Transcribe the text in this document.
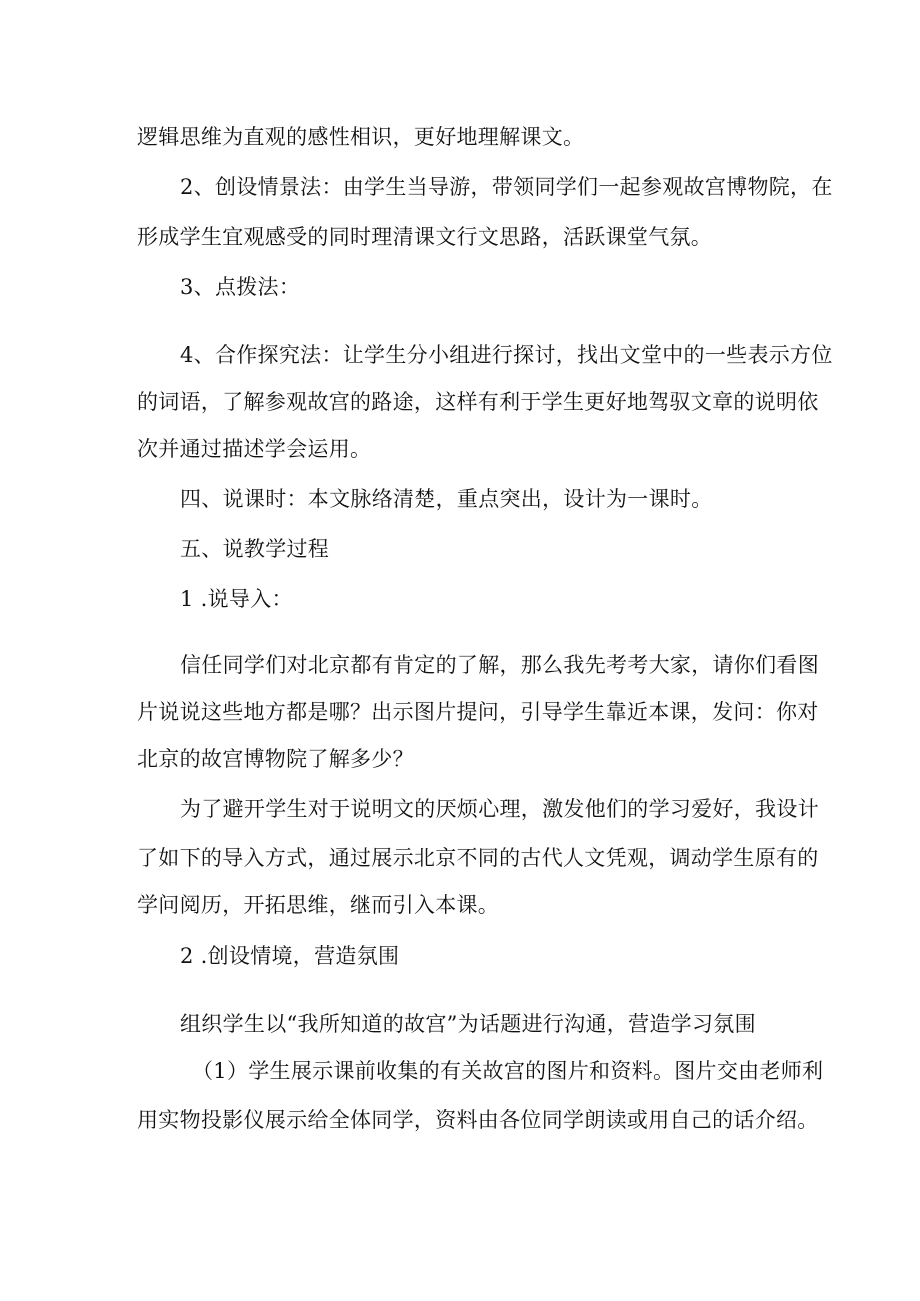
逻辑思维为直观的感性相识，更好地理解课文。
2、创设情景法：由学生当导游，带领同学们一起参观故宫博物院，在
形成学生宜观感受的同时理清课文行文思路，活跃课堂气氛。
3、点拨法：
4、合作探究法：让学生分小组进行探讨，找出文堂中的一些表示方位
的词语，了解参观故宫的路途，这样有利于学生更好地驾驭文章的说明依
次并通过描述学会运用。
四、说课时：本文脉络清楚，重点突出，设计为一课时。
五、说教学过程
1 .说导入：
信任同学们对北京都有肯定的了解，那么我先考考大家，请你们看图
片说说这些地方都是哪？出示图片提问，引导学生靠近本课，发问：你对
北京的故宫博物院了解多少？
为了避开学生对于说明文的厌烦心理，激发他们的学习爱好，我设计
了如下的导入方式，通过展示北京不同的古代人文凭观，调动学生原有的
学问阅历，开拓思维，继而引入本课。
2 .创设情境，营造氛围
组织学生以“我所知道的故宫”为话题进行沟通，营造学习氛围
（1）学生展示课前收集的有关故宫的图片和资料。图片交由老师利
用实物投影仪展示给全体同学，资料由各位同学朗读或用自己的话介绍。
